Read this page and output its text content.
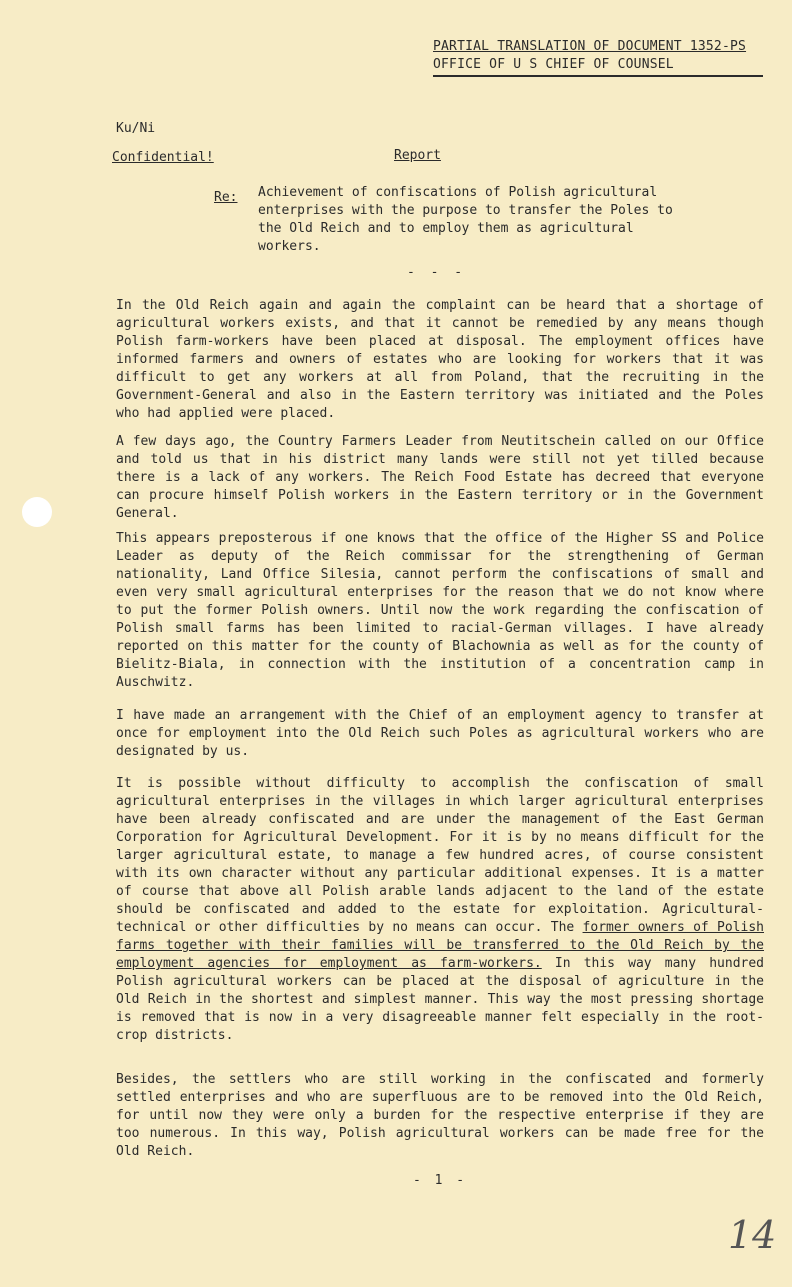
PARTIAL TRANSLATION OF DOCUMENT 1352-PS
OFFICE OF U S CHIEF OF COUNSEL
Ku/Ni
Confidential!	Report
Re: Achievement of confiscations of Polish agricultural enterprises with the purpose to transfer the Poles to the Old Reich and to employ them as agricultural workers.
- - -
In the Old Reich again and again the complaint can be heard that a shortage of agricultural workers exists, and that it cannot be remedied by any means though Polish farm-workers have been placed at disposal. The employment offices have informed farmers and owners of estates who are looking for workers that it was difficult to get any workers at all from Poland, that the recruiting in the Government-General and also in the Eastern territory was initiated and the Poles who had applied were placed.
A few days ago, the Country Farmers Leader from Neutitschein called on our Office and told us that in his district many lands were still not yet tilled because there is a lack of any workers. The Reich Food Estate has decreed that everyone can procure himself Polish workers in the Eastern territory or in the Government General.
This appears preposterous if one knows that the office of the Higher SS and Police Leader as deputy of the Reich commissar for the strengthening of German nationality, Land Office Silesia, cannot perform the confiscations of small and even very small agricultural enterprises for the reason that we do not know where to put the former Polish owners. Until now the work regarding the confiscation of Polish small farms has been limited to racial-German villages. I have already reported on this matter for the county of Blachownia as well as for the county of Bielitz-Biala, in connection with the institution of a concentration camp in Auschwitz.
I have made an arrangement with the Chief of an employment agency to transfer at once for employment into the Old Reich such Poles as agricultural workers who are designated by us.
It is possible without difficulty to accomplish the confiscation of small agricultural enterprises in the villages in which larger agricultural enterprises have been already confiscated and are under the management of the East German Corporation for Agricultural Development. For it is by no means difficult for the larger agricultural estate, to manage a few hundred acres, of course consistent with its own character without any particular additional expenses. It is a matter of course that above all Polish arable lands adjacent to the land of the estate should be confiscated and added to the estate for exploitation. Agricultural-technical or other difficulties by no means can occur. The former owners of Polish farms together with their families will be transferred to the Old Reich by the employment agencies for employment as farm-workers. In this way many hundred Polish agricultural workers can be placed at the disposal of agriculture in the Old Reich in the shortest and simplest manner. This way the most pressing shortage is removed that is now in a very disagreeable manner felt especially in the root-crop districts.
Besides, the settlers who are still working in the confiscated and formerly settled enterprises and who are superfluous are to be removed into the Old Reich, for until now they were only a burden for the respective enterprise if they are too numerous. In this way, Polish agricultural workers can be made free for the Old Reich.
- 1 -
14
